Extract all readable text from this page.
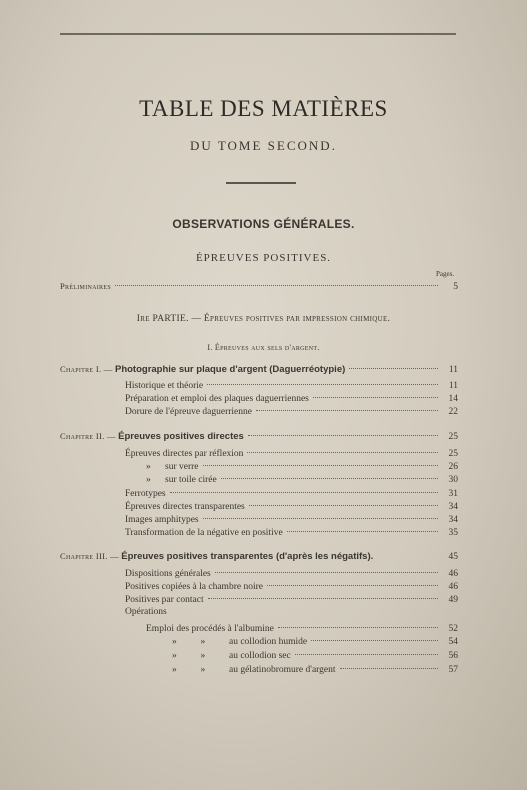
TABLE DES MATIÈRES
DU TOME SECOND.
OBSERVATIONS GÉNÉRALES.
ÉPREUVES POSITIVES.
Pages.
Préliminaires	5
Ire PARTIE. — Épreuves positives par impression chimique.
I. Épreuves aux sels d'argent.
Chapitre I. —
Photographie sur plaque d'argent (Daguerréotypie)	11
Historique et théorie	11
Préparation et emploi des plaques daguerriennes	14
Dorure de l'épreuve daguerrienne	22
Chapitre II. —
Épreuves positives directes	25
Épreuves directes par réflexion	25
»      sur verre	26
»      sur toile cirée	30
Ferrotypes	31
Épreuves directes transparentes	34
Images amphitypes	34
Transformation de la négative en positive	35
Chapitre III. —
Épreuves positives transparentes (d'après les négatifs).	45
Dispositions générales	46
Positives copiées à la chambre noire	46
Positives par contact	49
Opérations
Emploi des procédés à l'albumine	52
»          »          au collodion humide	54
»          »          au collodion sec	56
»          »          au gélatinobromure d'argent	57
